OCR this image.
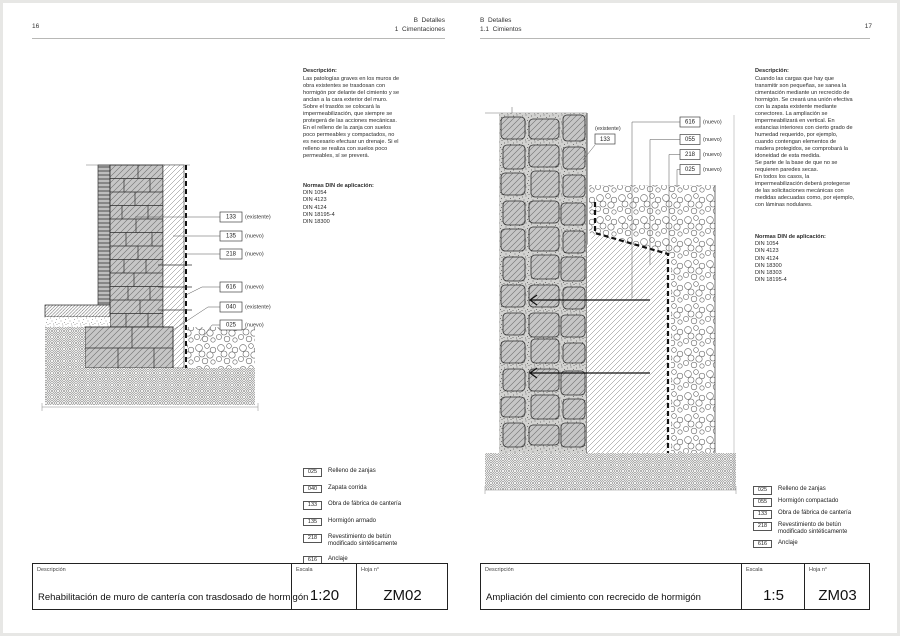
16
B  Detalles
1  Cimentaciones
133 (existente)
135 (nuevo)
218 (nuevo)
616 (nuevo)
040 (existente)
025 (nuevo)
Descripción:

Las patologías graves en los muros de obra existentes se trasdosan con hormigón por delante del cimiento y se anclan a la cara exterior del muro. Sobre el trasdós se colocará la impermeabilización, que siempre se protegerá de las acciones mecánicas.

En el relleno de la zanja con suelos poco permeables y compactados, no es necesario efectuar un drenaje. Si el relleno se realiza con suelos poco permeables, sí se preverá.

Normas DIN de aplicación:
DIN 1054
DIN 4123
DIN 4124
DIN 18195-4
DIN 18300
025	Relleno de zanjas
040	Zapata corrida
133	Obra de fábrica de cantería
135	Hormigón armado
218	Revestimiento de betún modificado sintéticamente
616	Anclaje
Descripción
Rehabilitación de muro de cantería con trasdosado de hormigón
Escala
1:20
Hoja n°
ZM02
B  Detalles
1.1  Cimientos	17
(existente)
133
616 (nuevo)
055 (nuevo)
218 (nuevo)
025 (nuevo)
Descripción:

Cuando las cargas que hay que transmitir son pequeñas, se sanea la cimentación mediante un recrecido de hormigón. Se creará una unión efectiva con la zapata existente mediante conectores. La ampliación se impermeabilizará en vertical. En estancias interiores con cierto grado de humedad requerido, por ejemplo, cuando contengan elementos de madera protegidos, se comprobará la idoneidad de esta medida.

Se parte de la base de que no se requieren paredes secas.

En todos los casos, la impermeabilización deberá protegerse de las solicitaciones mecánicas con medidas adecuadas como, por ejemplo, con láminas nodulares.

Normas DIN de aplicación:
DIN 1054
DIN 4123
DIN 4124
DIN 18300
DIN 18303
DIN 18195-4
025	Relleno de zanjas
055	Hormigón compactado
133	Obra de fábrica de cantería
218	Revestimiento de betún modificado sintéticamente
616	Anclaje
Descripción
Ampliación del cimiento con recrecido de hormigón
Escala
1:5
Hoja n°
ZM03
